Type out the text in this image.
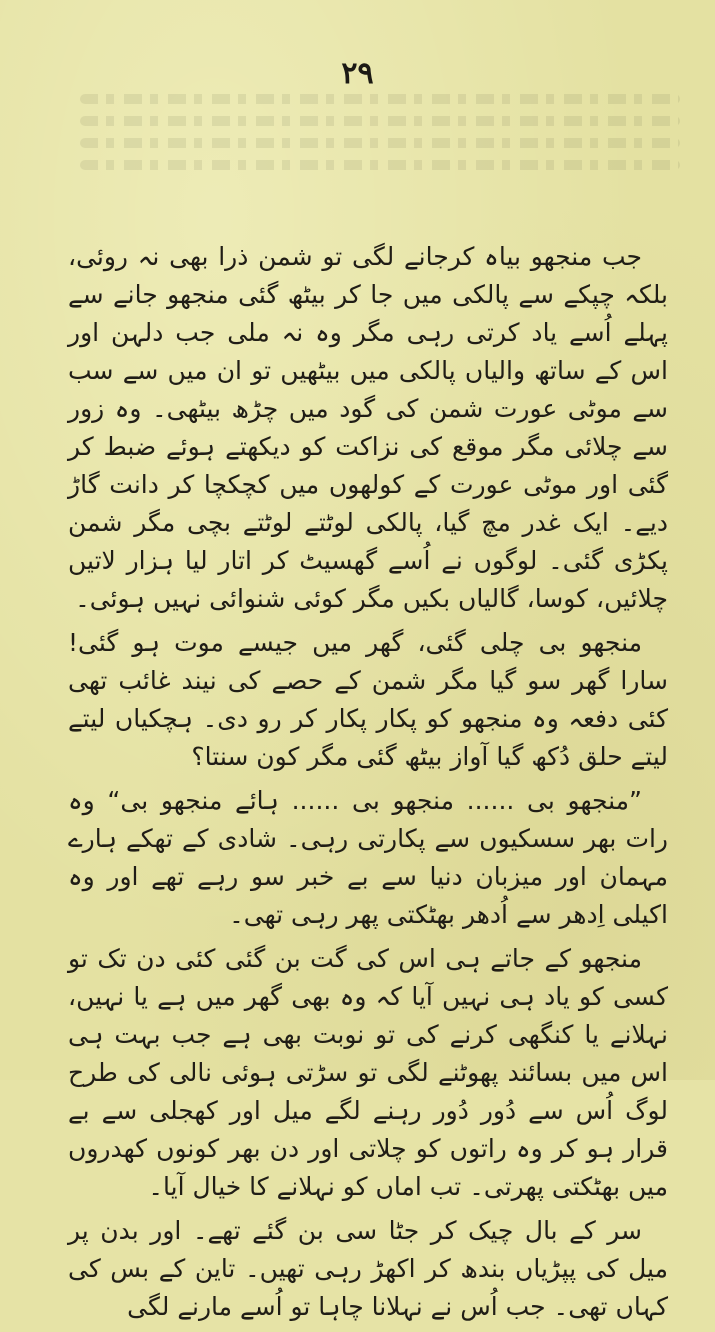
۲۹

جب منجھو بیاہ کرجانے لگی تو شمن ذرا بھی نہ روئی، بلکہ چپکے سے پالکی میں جا کر بیٹھ گئی منجھو جانے سے پہلے اُسے یاد کرتی رہی مگر وہ نہ ملی جب دلہن اور اس کے ساتھ والیاں پالکی میں بیٹھیں تو ان میں سے سب سے موٹی عورت شمن کی گود میں چڑھ بیٹھی۔ وہ زور سے چلائی مگر موقع کی نزاکت کو دیکھتے ہوئے ضبط کر گئی اور موٹی عورت کے کولھوں میں کچکچا کر دانت گاڑ دیے۔ ایک غدر مچ گیا، پالکی لوٹتے لوٹتے بچی مگر شمن پکڑی گئی۔ لوگوں نے اُسے گھسیٹ کر اتار لیا ہزار لاتیں چلائیں، کوسا، گالیاں بکیں مگر کوئی شنوائی نہیں ہوئی۔

منجھو بی چلی گئی، گھر میں جیسے موت ہو گئی! سارا گھر سو گیا مگر شمن کے حصے کی نیند غائب تھی کئی دفعہ وہ منجھو کو پکار پکار کر رو دی۔ ہچکیاں لیتے لیتے حلق دُکھ گیا آواز بیٹھ گئی مگر کون سنتا؟

”منجھو بی ...... منجھو بی ...... ہائے منجھو بی“ وہ رات بھر سسکیوں سے پکارتی رہی۔ شادی کے تھکے ہارے مہمان اور میزبان دنیا سے بے خبر سو رہے تھے اور وہ اکیلی اِدھر سے اُدھر بھٹکتی پھر رہی تھی۔

منجھو کے جاتے ہی اس کی گت بن گئی کئی دن تک تو کسی کو یاد ہی نہیں آیا کہ وہ بھی گھر میں ہے یا نہیں، نہلانے یا کنگھی کرنے کی تو نوبت بھی ہے جب بہت ہی اس میں بسائند پھوٹنے لگی تو سڑتی ہوئی نالی کی طرح لوگ اُس سے دُور دُور رہنے لگے میل اور کھجلی سے بے قرار ہو کر وہ راتوں کو چلاتی اور دن بھر کونوں کھدروں میں بھٹکتی پھرتی۔ تب اماں کو نہلانے کا خیال آیا۔

سر کے بال چیک کر جٹا سی بن گئے تھے۔ اور بدن پر میل کی پپڑیاں بندھ کر اکھڑ رہی تھیں۔ تاین کے بس کی کہاں تھی۔ جب اُس نے نہلانا چاہا تو اُسے مارنے لگی
